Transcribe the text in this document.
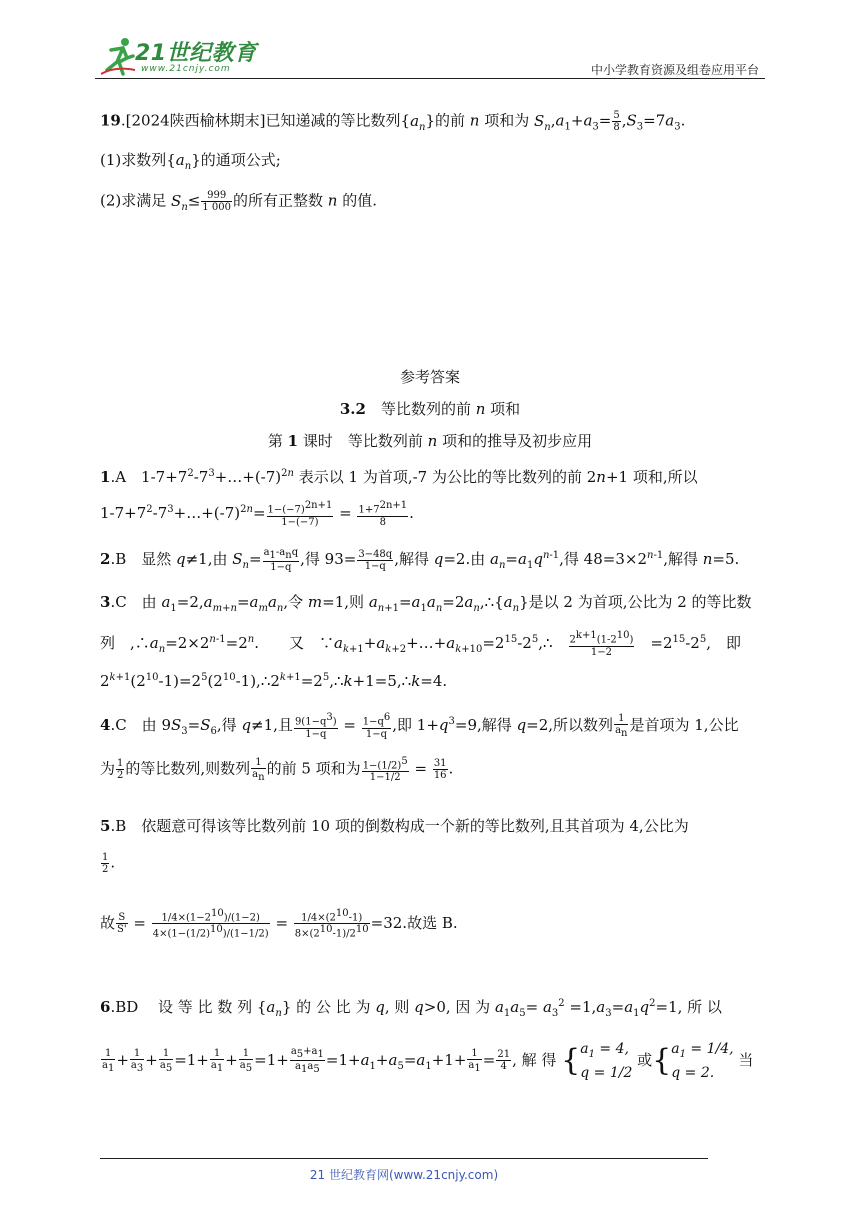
21世纪教育
www.21cnjy.com	中小学教育资源及组卷应用平台
19.[2024陕西榆林期末]已知递减的等比数列$\{a_n\}$的前 n 项和为 $S_n,a_1+a_3= \frac{5}{8} ,S_3=7a_3$.
(1)求数列$\{a_n\}$的通项公式;
(2)求满足 $S_n\le \frac{999}{1 000}$ 的所有正整数 n 的值.
参考答案
3.2　等比数列的前 n 项和
第 1 课时　等比数列前 n 项和的推导及初步应用
1.A　$1-7+7^2-7^3+\dots+(-7)^{2n}$ 表示以 1 为首项,-7 为公比的等比数列的前 2n+1 项和,所以
$1-7+7^2-7^3+\dots+(-7)^{2n}= \frac{1-(-7)^{2n+1}}{1-(-7)} = \frac{1+7^{2n+1}}{8}$ .
2.B　显然 q≠1,由 $S_n= \frac{a_1-a_nq}{1-q}$ ,得 $93= \frac{3-48q}{1-q}$ ,解得 q=2.由 $a_n=a_1q^{n-1}$,得 $48=3\times 2^{n-1}$,解得 n=5.
3.C　由 $a_1=2,a_{m+n}=a_ma_n$,令 m=1,则 $a_{n+1}=a_1a_n=2a_n,\therefore\{a_n\}$是以 2 为首项,公比为 2 的等比数
列　$,\therefore a_n=2\times 2^{n-1}=2^n$.　　又　$\because a_{k+1}+a_{k+2}+\dots+a_{k+10}=2^{15}-2^5,\therefore$　 $\frac{2^{k+1}(1-2^{10})}{1-2}$ 　$=2^{15}-2^5$,　即
$2^{k+1}(2^{10}-1)=2^5(2^{10}-1),\therefore 2^{k+1}=2^5,\therefore k+1=5,\therefore k=4$.
4.C　由 $9S_3=S_6$,得 q≠1,且 $\frac{9(1-q^3)}{1-q} = \frac{1-q^6}{1-q}$ ,即 $1+q^3=9$,解得 q=2,所以数列 $\frac{1}{a_n}$ 是首项为 1,公比
为 $\frac{1}{2}$ 的等比数列,则数列 $\frac{1}{a_n}$ 的前 5 项和为 $\frac{1-(1/2)^5}{1-1/2} = \frac{31}{16}$ .
5.B　依题意可得该等比数列前 10 项的倒数构成一个新的等比数列,且其首项为 4,公比为
$\frac{1}{2}$ .
故 $\frac{S}{S'} = \frac{1/4\times(1-2^{10})/(1-2)}{4\times(1-(1/2)^{10})/(1-1/2)} = \frac{1/4\times(2^{10}-1)}{8\times(2^{10}-1)/2^{10}} =32$.故选 B.
6.BD　 设 等 比 数 列 $\{a_n\}$ 的 公 比 为 q, 则 q>0, 因 为 $a_1a_5= a_3^2 =1,a_3=a_1q^2=1$, 所 以
$\frac{1}{a_1} + \frac{1}{a_3} + \frac{1}{a_5} =1+ \frac{1}{a_1} + \frac{1}{a_5} =1+ \frac{a_5+a_1}{a_1a_5} =1+a_1+a_5=a_1+1+ \frac{1}{a_1} = \frac{21}{4}$ , 解 得 {$a_1 = 4$,
q = 1/2 或{$a_1 = 1/4$,
q = 2. 当
21 世纪教育网(www.21cnjy.com)
